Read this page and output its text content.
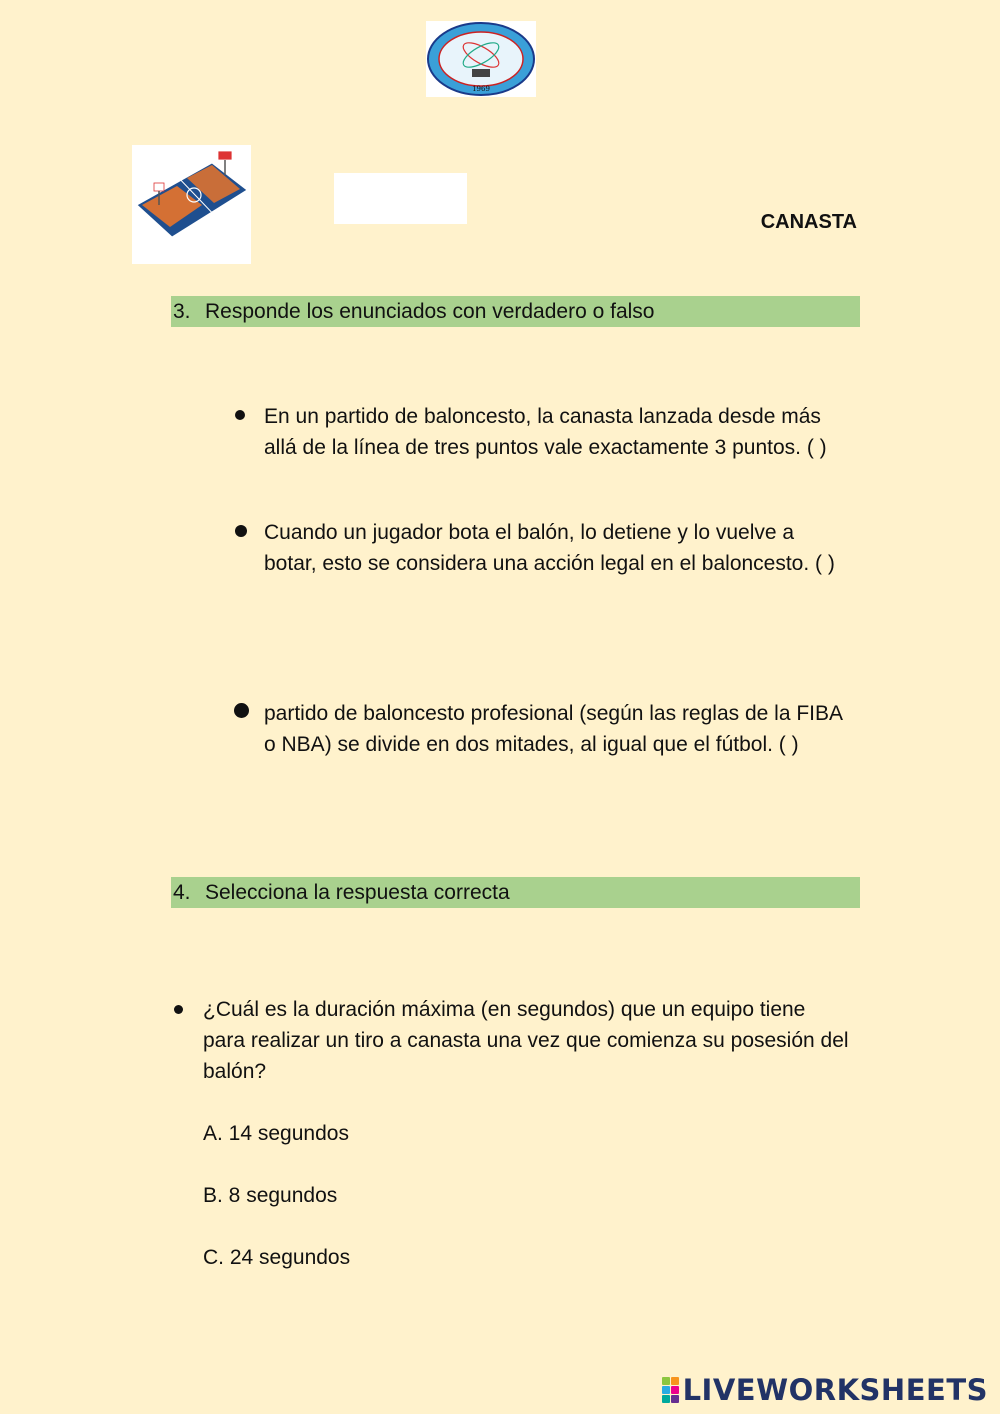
1969
CANASTA
3. Responde los enunciados con verdadero o falso
En un partido de baloncesto, la canasta lanzada desde más
allá de la línea de tres puntos vale exactamente 3 puntos. ( )
Cuando un jugador bota el balón, lo detiene y lo vuelve a
botar, esto se considera una acción legal en el baloncesto. ( )
partido de baloncesto profesional (según las reglas de la FIBA
o NBA) se divide en dos mitades, al igual que el fútbol. ( )
4. Selecciona la respuesta correcta
¿Cuál es la duración máxima (en segundos) que un equipo tiene
para realizar un tiro a canasta una vez que comienza su posesión del
balón?
A. 14 segundos
B. 8 segundos
C. 24 segundos
LIVEWORKSHEETS
